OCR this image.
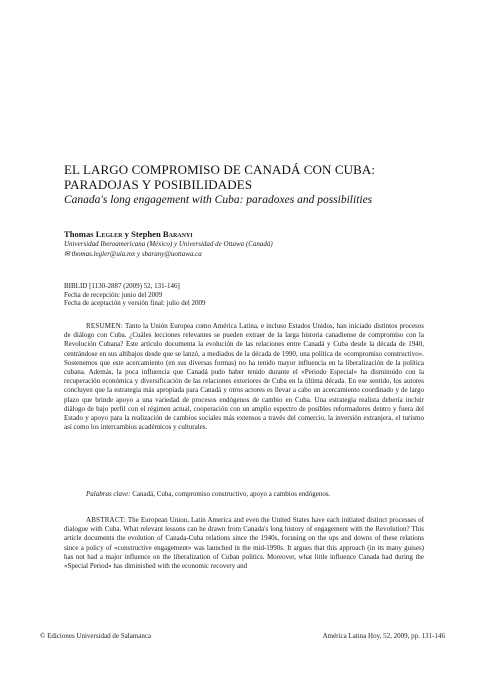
EL LARGO COMPROMISO DE CANADÁ CON CUBA:
PARADOJAS Y POSIBILIDADES
Canada's long engagement with Cuba: paradoxes and possibilities
Thomas Legler y Stephen Baranyi
Universidad Iberoamericana (México) y Universidad de Ottawa (Canadá)
✉ thomas.legler@uia.mx y sbarany@uottawa.ca
BIBLID [1130-2887 (2009) 52, 131-146]
Fecha de recepción: junio del 2009
Fecha de aceptación y versión final: julio del 2009

RESUMEN: Tanto la Unión Europea como América Latina, e incluso Estados Unidos, han iniciado distintos procesos de diálogo con Cuba. ¿Cuáles lecciones relevantes se pueden extraer de la larga historia canadiense de compromiso con la Revolución Cubana? Este artículo documenta la evolución de las relaciones entre Canadá y Cuba desde la década de 1940, centrándose en sus altibajos desde que se lanzó, a mediados de la década de 1990, una política de «compromiso constructivo». Sostenemos que este acercamiento (en sus diversas formas) no ha tenido mayor influencia en la liberalización de la política cubana. Además, la poca influencia que Canadá pudo haber tenido durante el «Periodo Especial» ha disminuido con la recuperación económica y diversificación de las relaciones exteriores de Cuba en la última década. En ese sentido, los autores concluyen que la estrategia más apropiada para Canadá y otros actores es llevar a cabo un acercamiento coordinado y de largo plazo que brinde apoyo a una variedad de procesos endógenos de cambio en Cuba. Una estrategia realista debería incluir diálogo de bajo perfil con el régimen actual, cooperación con un amplio espectro de posibles reformadores dentro y fuera del Estado y apoyo para la realización de cambios sociales más extensos a través del comercio, la inversión extranjera, el turismo así como los intercambios académicos y culturales.

Palabras clave: Canadá, Cuba, compromiso constructivo, apoyo a cambios endógenos.

ABSTRACT: The European Union, Latin America and even the United States have each initiated distinct processes of dialogue with Cuba. What relevant lessons can be drawn from Canada's long history of engagement with the Revolution? This article documents the evolution of Canada-Cuba relations since the 1940s, focusing on the ups and downs of these relations since a policy of «constructive engagement» was launched in the mid-1990s. It argues that this approach (in its many guises) has not had a major influence on the liberalization of Cuban politics. Moreover, what little influence Canada had during the «Special Period» has diminished with the economic recovery and

© Ediciones Universidad de Salamanca	América Latina Hoy, 52, 2009, pp. 131-146
